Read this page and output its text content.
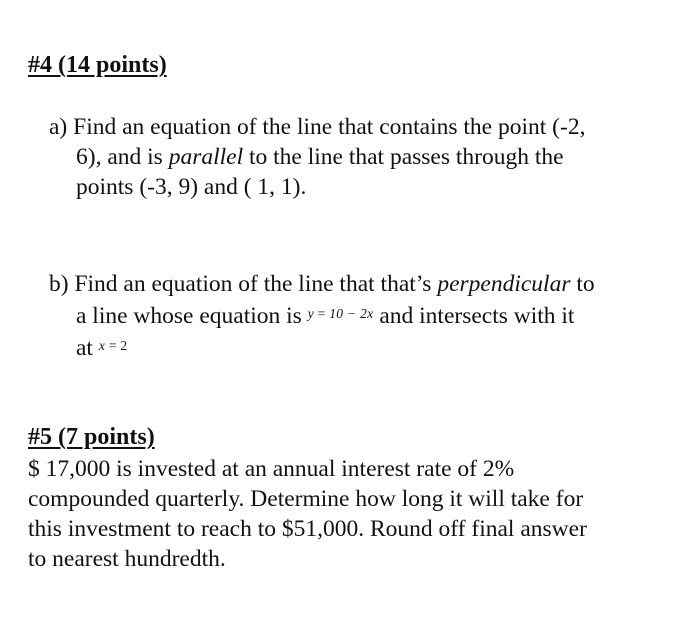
#4 (14 points)

a) Find an equation of the line that contains the point (-2,
6), and is parallel to the line that passes through the
points (-3, 9) and ( 1, 1).

b) Find an equation of the line that that’s perpendicular to
a line whose equation is $^{y = 10 - 2x}$ and intersects with it
at $^{x = 2}$

#5 (7 points)

$ 17,000 is invested at an annual interest rate of 2%
compounded quarterly. Determine how long it will take for
this investment to reach to $51,000. Round off final answer
to nearest hundredth.
